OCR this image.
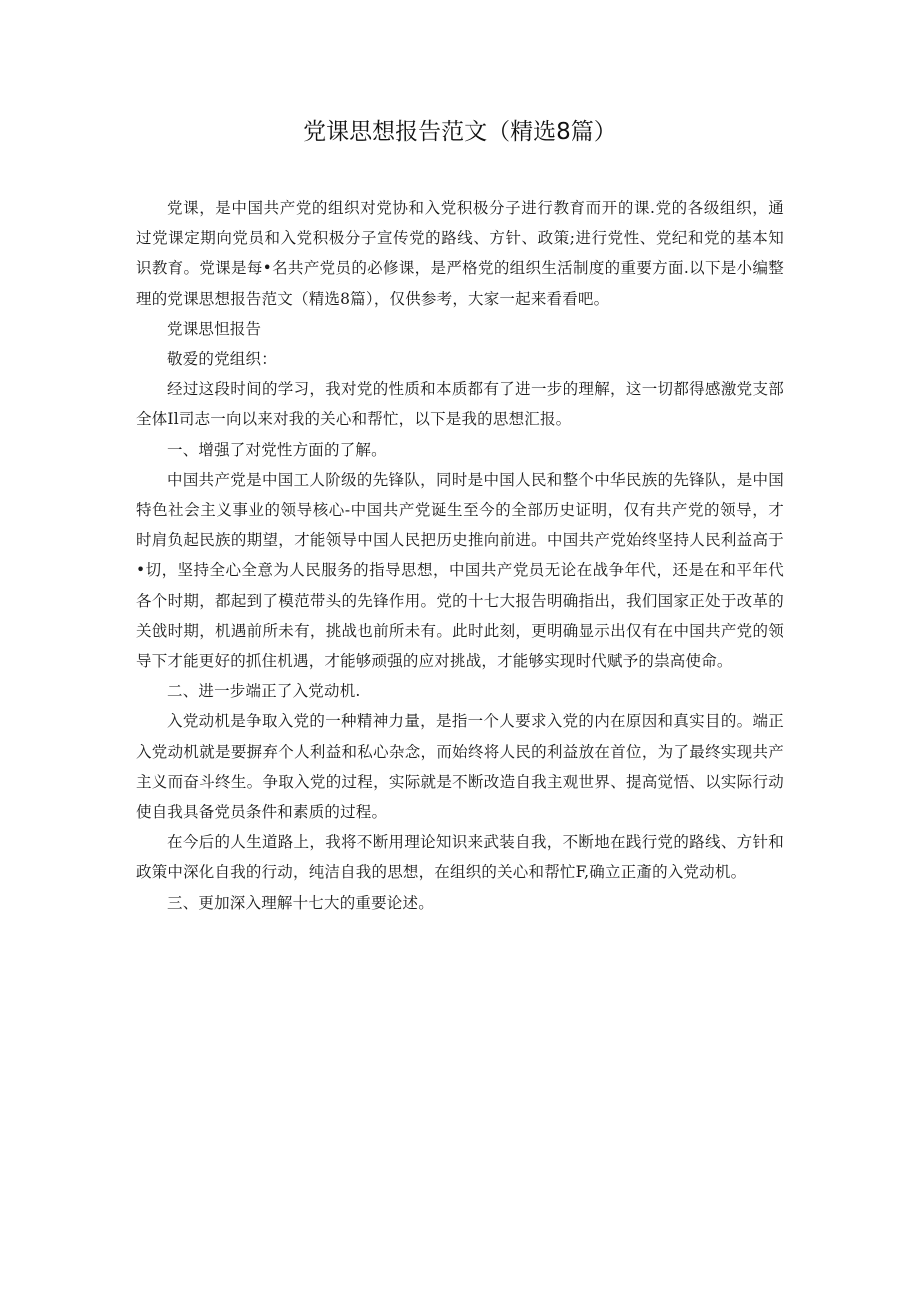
党课思想报告范文（精选8篇）

党课，是中国共产党的组织对党协和入党积极分子进行教育而开的课.党的各级组织，通过党课定期向党员和入党积极分子宣传党的路线、方针、政策;进行党性、党纪和党的基本知识教育。党课是每•名共产党员的必修课，是严格党的组织生活制度的重要方面.以下是小编整理的党课思想报告范文（精选8篇），仅供参考，大家一起来看看吧。

党课思怛报告

敬爱的党组织：

经过这段时间的学习，我对党的性质和本质都有了进一步的理解，这一切都得感激党支部全体Il司志一向以来对我的关心和帮忙，以下是我的思想汇报。

一、增强了对党性方面的了解。

中国共产党是中国工人阶级的先锋队，同时是中国人民和整个中华民族的先锋队，是中国特色社会主义事业的领导核心-中国共产党诞生至今的全部历史证明，仅有共产党的领导，才时肩负起民族的期望，才能领导中国人民把历史推向前进。中国共产党始终坚持人民利益高于•切，坚持全心全意为人民服务的指导思想，中国共产党员无论在战争年代，还是在和平年代各个时期，都起到了模范带头的先锋作用。党的十七大报告明确指出，我们国家正处于改革的关戗时期，机遇前所未有，挑战也前所未有。此时此刻，更明确显示出仅有在中国共产党的领导下才能更好的抓住机遇，才能够顽强的应对挑战，才能够实现时代赋予的祟高使命。

二、进一步端正了入党动机.

入党动机是争取入党的一种精神力量，是指一个人要求入党的内在原因和真实目的。端正入党动机就是要摒弃个人利益和私心杂念，而始终将人民的利益放在首位，为了最终实现共产主义而奋斗终生。争取入党的过程，实际就是不断改造自我主观世界、提高觉悟、以实际行动使自我具备党员条件和素质的过程。

在今后的人生道路上，我将不断用理论知识来武装自我，不断地在践行党的路线、方针和政策中深化自我的行动，纯洁自我的思想，在组织的关心和帮忙F,确立正齑的入党动机。

三、更加深入理解十七大的重要论述。
